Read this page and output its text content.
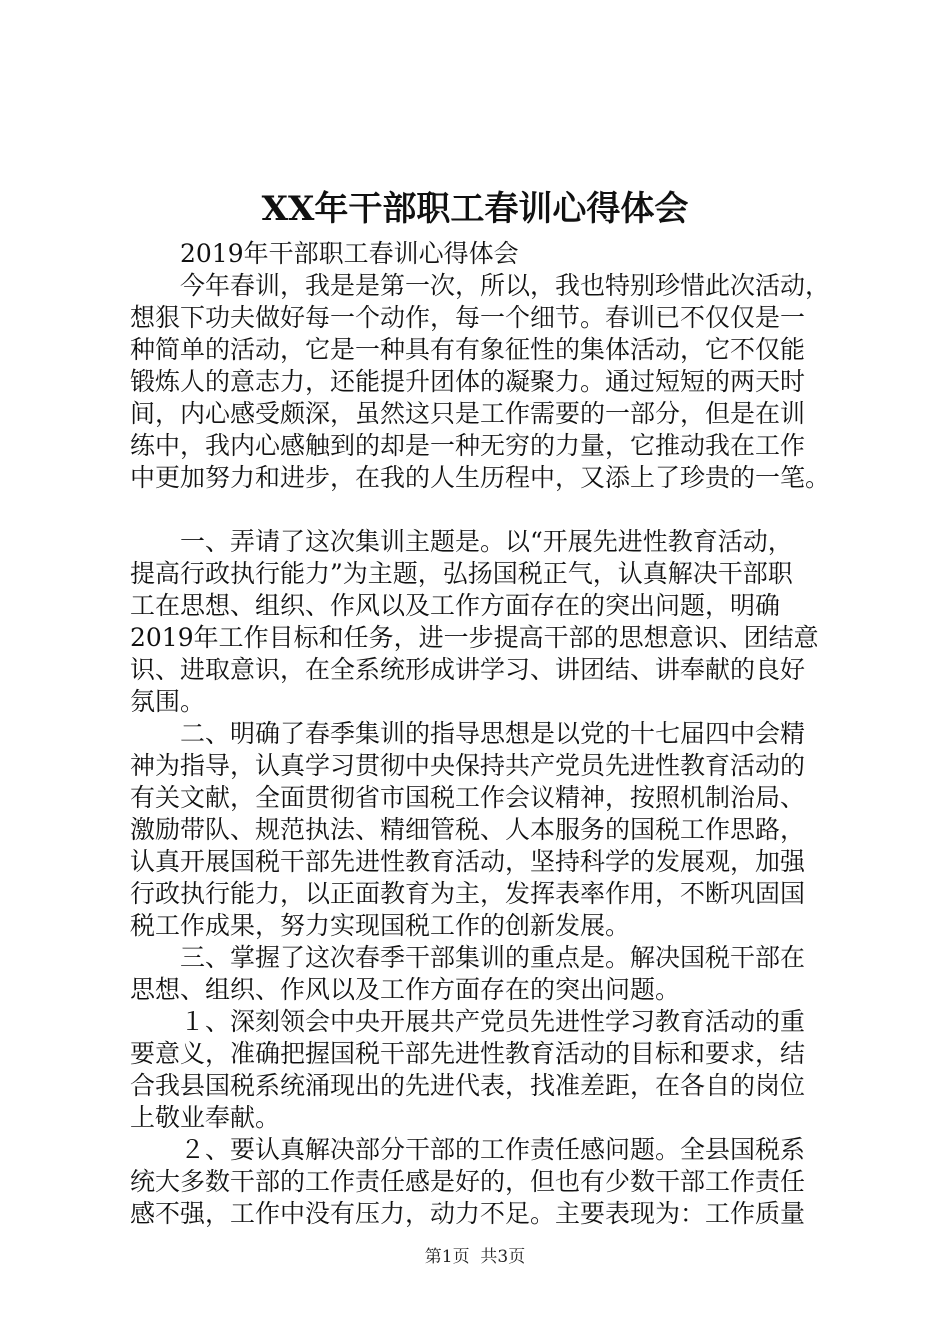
XX年干部职工春训心得体会
　　2019年干部职工春训心得体会
　　今年春训，我是是第一次，所以，我也特别珍惜此次活动，
想狠下功夫做好每一个动作，每一个细节。春训已不仅仅是一
种简单的活动，它是一种具有有象征性的集体活动，它不仅能
锻炼人的意志力，还能提升团体的凝聚力。通过短短的两天时
间，内心感受颇深，虽然这只是工作需要的一部分，但是在训
练中，我内心感触到的却是一种无穷的力量，它推动我在工作
中更加努力和进步，在我的人生历程中，又添上了珍贵的一笔。
　　一、弄请了这次集训主题是。以“开展先进性教育活动，
提高行政执行能力”为主题，弘扬国税正气，认真解决干部职
工在思想、组织、作风以及工作方面存在的突出问题，明确
2019年工作目标和任务，进一步提高干部的思想意识、团结意
识、进取意识，在全系统形成讲学习、讲团结、讲奉献的良好
氛围。
　　二、明确了春季集训的指导思想是以党的十七届四中会精
神为指导，认真学习贯彻中央保持共产党员先进性教育活动的
有关文献，全面贯彻省市国税工作会议精神，按照机制治局、
激励带队、规范执法、精细管税、人本服务的国税工作思路，
认真开展国税干部先进性教育活动，坚持科学的发展观，加强
行政执行能力，以正面教育为主，发挥表率作用，不断巩固国
税工作成果，努力实现国税工作的创新发展。
　　三、掌握了这次春季干部集训的重点是。解决国税干部在
思想、组织、作风以及工作方面存在的突出问题。
　　１、深刻领会中央开展共产党员先进性学习教育活动的重
要意义，准确把握国税干部先进性教育活动的目标和要求，结
合我县国税系统涌现出的先进代表，找准差距，在各自的岗位
上敬业奉献。
　　２、要认真解决部分干部的工作责任感问题。全县国税系
统大多数干部的工作责任感是好的，但也有少数干部工作责任
感不强，工作中没有压力，动力不足。主要表现为：工作质量
第1页 共3页
